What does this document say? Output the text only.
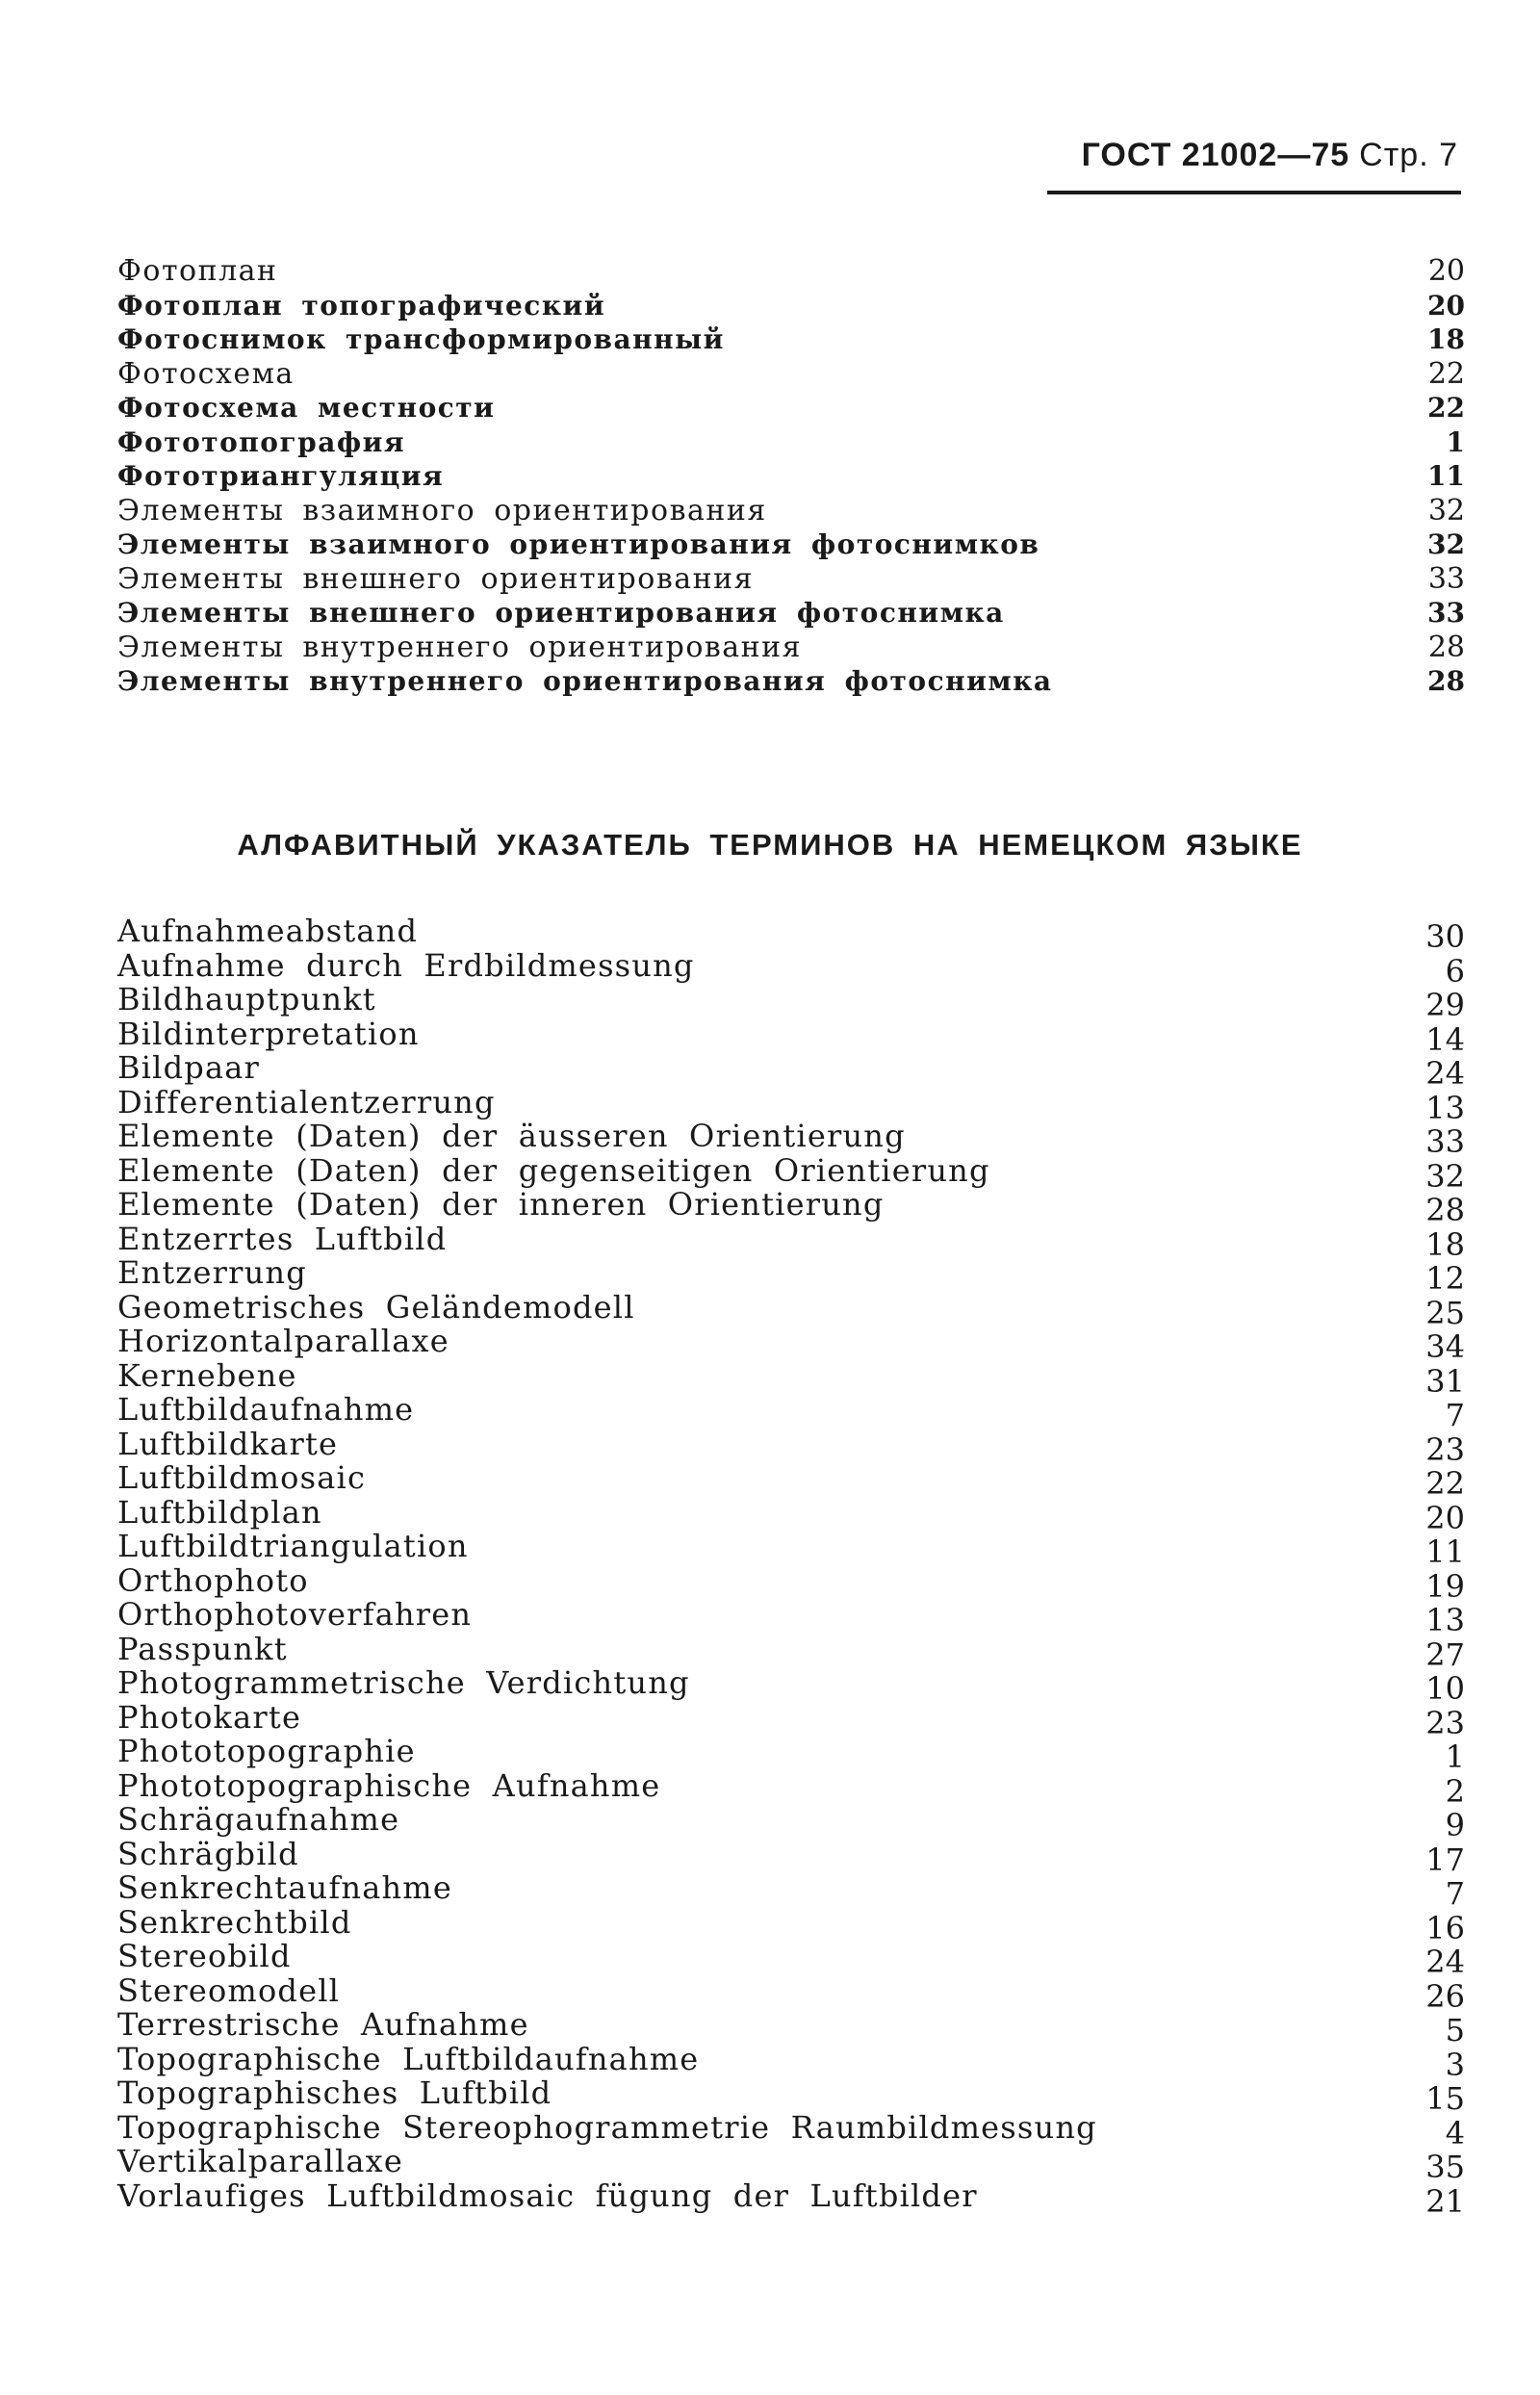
ГОСТ 21002—75 Стр. 7
Фотоплан	20
Фотоплан топографический	20
Фотоснимок трансформированный	18
Фотосхема	22
Фотосхема местности	22
Фототопография	1
Фототриангуляция	11
Элементы взаимного ориентирования	32
Элементы взаимного ориентирования фотоснимков	32
Элементы внешнего ориентирования	33
Элементы внешнего ориентирования фотоснимка	33
Элементы внутреннего ориентирования	28
Элементы внутреннего ориентирования фотоснимка	28
АЛФАВИТНЫЙ УКАЗАТЕЛЬ ТЕРМИНОВ НА НЕМЕЦКОМ ЯЗЫКЕ
Aufnahmeabstand	30
Aufnahme durch Erdbildmessung	6
Bildhauptpunkt	29
Bildinterpretation	14
Bildpaar	24
Differentialentzerrung	13
Elemente (Daten) der äusseren Orientierung	33
Elemente (Daten) der gegenseitigen Orientierung	32
Elemente (Daten) der inneren Orientierung	28
Entzerrtes Luftbild	18
Entzerrung	12
Geometrisches Geländemodell	25
Horizontalparallaxe	34
Kernebene	31
Luftbildaufnahme	7
Luftbildkarte	23
Luftbildmosaic	22
Luftbildplan	20
Luftbildtriangulation	11
Orthophoto	19
Orthophotoverfahren	13
Passpunkt	27
Photogrammetrische Verdichtung	10
Photokarte	23
Phototopographie	1
Phototopographische Aufnahme	2
Schrägaufnahme	9
Schrägbild	17
Senkrechtaufnahme	7
Senkrechtbild	16
Stereobild	24
Stereomodell	26
Terrestrische Aufnahme	5
Topographische Luftbildaufnahme	3
Topographisches Luftbild	15
Topographische Stereophogrammetrie Raumbildmessung	4
Vertikalparallaxe	35
Vorlaufiges Luftbildmosaic fügung der Luftbilder	21
